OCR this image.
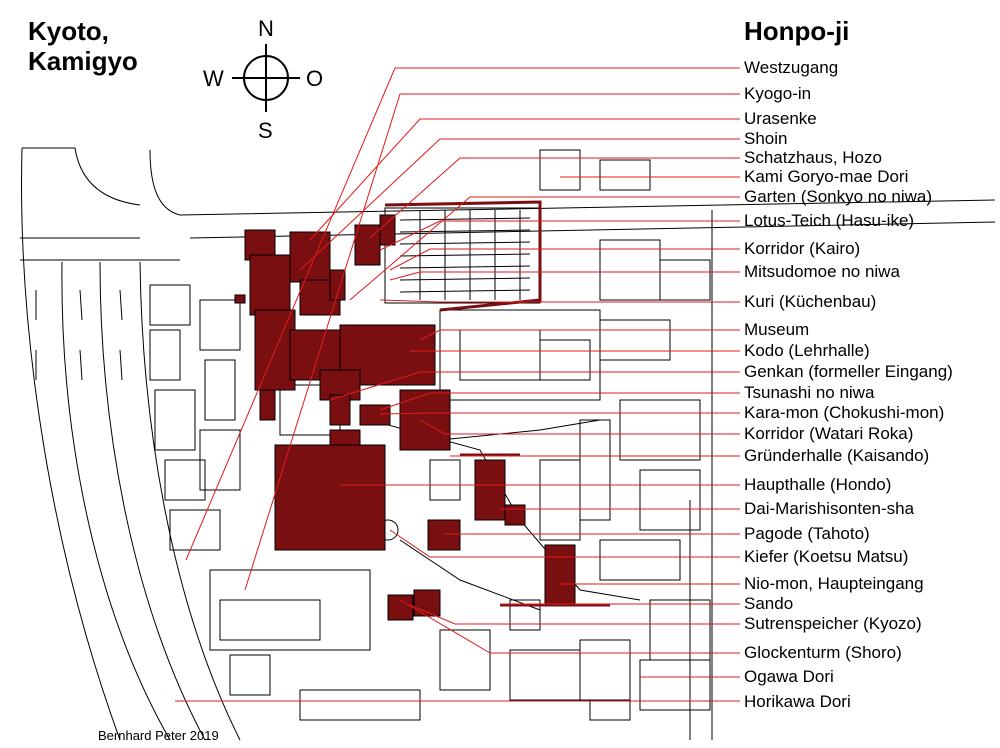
N
S
W	O
Kyoto,
Kamigyo
Honpo-ji
Westzugang
Kyogo-in
Urasenke
Shoin
Schatzhaus, Hozo
Kami Goryo-mae Dori
Garten (Sonkyo no niwa)
Lotus-Teich (Hasu-ike)
Korridor (Kairo)
Mitsudomoe no niwa
Kuri (Küchenbau)
Museum
Kodo (Lehrhalle)
Genkan (formeller Eingang)
Tsunashi no niwa
Kara-mon (Chokushi-mon)
Korridor (Watari Roka)
Gründerhalle (Kaisando)
Haupthalle (Hondo)
Dai-Marishisonten-sha
Pagode (Tahoto)
Kiefer (Koetsu Matsu)
Nio-mon, Haupteingang
Sando
Sutrenspeicher (Kyozo)
Glockenturm (Shoro)
Ogawa Dori
Horikawa Dori
Bernhard Peter 2019
